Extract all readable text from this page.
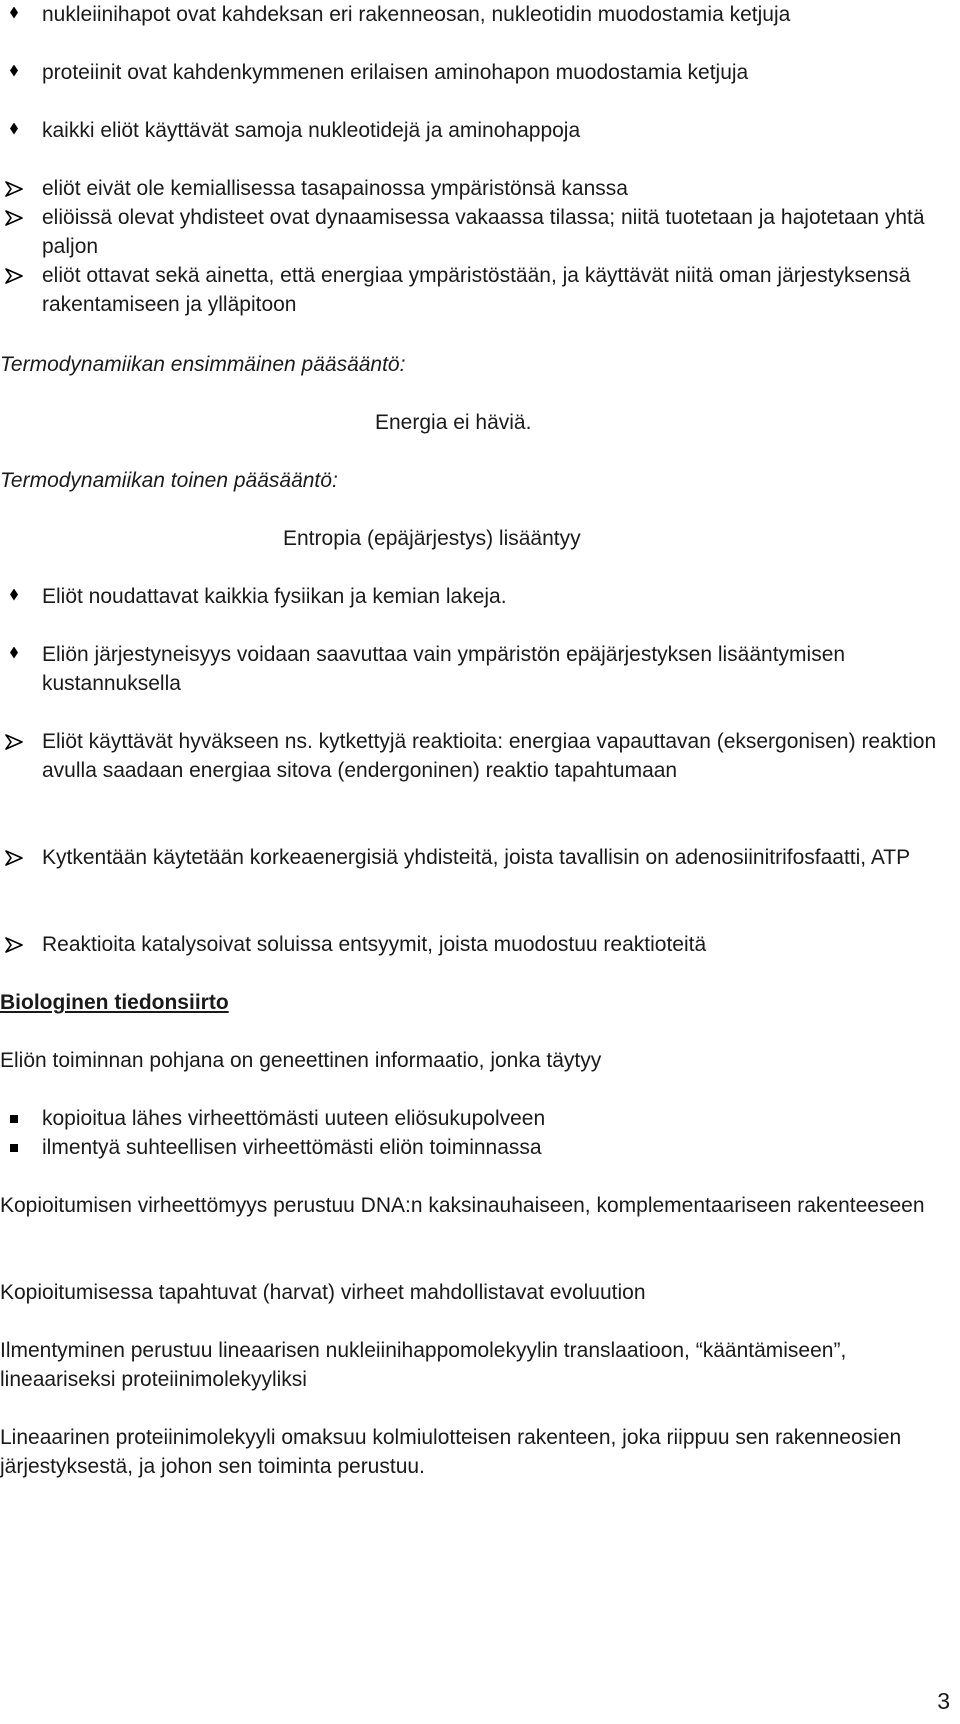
nukleiinihapot ovat kahdeksan eri rakenneosan, nukleotidin muodostamia ketjuja
proteiinit ovat kahdenkymmenen erilaisen aminohapon muodostamia ketjuja
kaikki eliöt käyttävät samoja nukleotidejä ja aminohappoja
eliöt eivät ole kemiallisessa tasapainossa ympäristönsä kanssa
eliöissä olevat yhdisteet ovat dynaamisessa vakaassa tilassa; niitä tuotetaan ja hajotetaan yhtä paljon
eliöt ottavat sekä ainetta, että energiaa ympäristöstään, ja käyttävät niitä oman järjestyksensä rakentamiseen ja ylläpitoon
Termodynamiikan ensimmäinen pääsääntö:
Energia ei häviä.
Termodynamiikan toinen pääsääntö:
Entropia (epäjärjestys) lisääntyy
Eliöt noudattavat kaikkia fysiikan ja kemian lakeja.
Eliön järjestyneisyys voidaan saavuttaa vain ympäristön epäjärjestyksen lisääntymisen kustannuksella
Eliöt käyttävät hyväkseen ns. kytkettyjä reaktioita: energiaa vapauttavan (eksergonisen) reaktion avulla saadaan energiaa sitova (endergoninen) reaktio tapahtumaan
Kytkentään käytetään korkeaenergisiä yhdisteitä, joista tavallisin on adenosiinitrifosfaatti, ATP
Reaktioita katalysoivat soluissa entsyymit, joista muodostuu reaktioteitä
Biologinen tiedonsiirto
Eliön toiminnan pohjana on geneettinen informaatio, jonka täytyy
kopioitua lähes virheettömästi uuteen eliösukupolveen
ilmentyä suhteellisen virheettömästi eliön toiminnassa
Kopioitumisen virheettömyys perustuu DNA:n kaksinauhaiseen, komplementaariseen rakenteeseen
Kopioitumisessa tapahtuvat (harvat) virheet mahdollistavat evoluution
Ilmentyminen perustuu lineaarisen nukleiinihappomolekyylin translaatioon, “kääntämiseen”, lineaariseksi proteiinimolekyyliksi
Lineaarinen proteiinimolekyyli omaksuu kolmiulotteisen rakenteen, joka riippuu sen rakenneosien järjestyksestä, ja johon sen toiminta perustuu.
3
